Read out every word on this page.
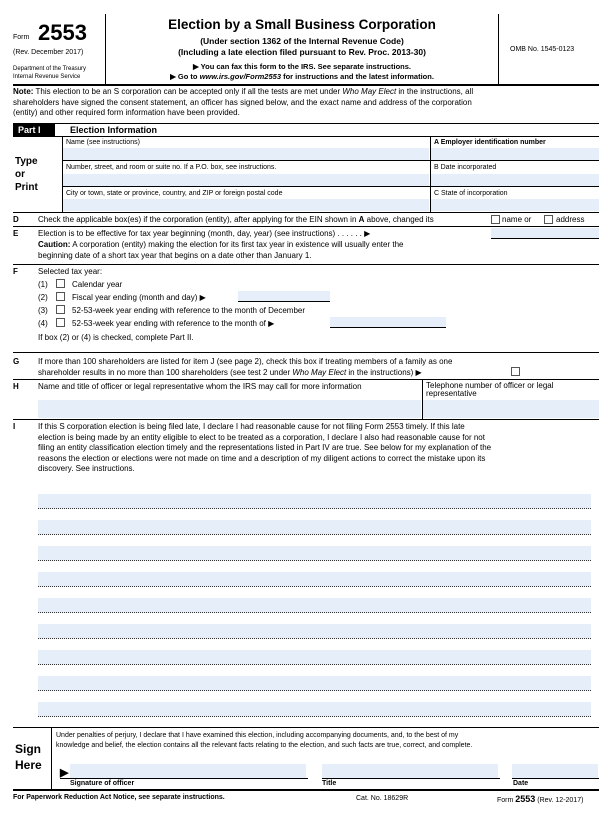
Form 2553
(Rev. December 2017)
Department of the Treasury
Internal Revenue Service
Election by a Small Business Corporation
(Under section 1362 of the Internal Revenue Code)
(Including a late election filed pursuant to Rev. Proc. 2013-30)
▶ You can fax this form to the IRS. See separate instructions.
▶ Go to www.irs.gov/Form2553 for instructions and the latest information.
OMB No. 1545-0123
Note: This election to be an S corporation can be accepted only if all the tests are met under Who May Elect in the instructions, all
shareholders have signed the consent statement, an officer has signed below, and the exact name and address of the corporation
(entity) and other required form information have been provided.
Part I	Election Information
Type
or
Print
Name (see instructions)	A Employer identification number
Number, street, and room or suite no. If a P.O. box, see instructions.	B Date incorporated
City or town, state or province, country, and ZIP or foreign postal code	C State of incorporation
D Check the applicable box(es) if the corporation (entity), after applying for the EIN shown in A above, changed its	name or	address
E Election is to be effective for tax year beginning (month, day, year) (see instructions) . . . . . . ▶
Caution: A corporation (entity) making the election for its first tax year in existence will usually enter the
beginning date of a short tax year that begins on a date other than January 1.
F	Selected tax year:
(1)	Calendar year
(2)	Fiscal year ending (month and day) ▶
(3)	52-53-week year ending with reference to the month of December
(4)	52-53-week year ending with reference to the month of ▶
If box (2) or (4) is checked, complete Part II.
G If more than 100 shareholders are listed for item J (see page 2), check this box if treating members of a family as one
shareholder results in no more than 100 shareholders (see test 2 under Who May Elect in the instructions) ▶
H Name and title of officer or legal representative whom the IRS may call for more information	Telephone number of officer or legal
representative
I	If this S corporation election is being filed late, I declare I had reasonable cause for not filing Form 2553 timely. If this late
election is being made by an entity eligible to elect to be treated as a corporation, I declare I also had reasonable cause for not
filing an entity classification election timely and the representations listed in Part IV are true. See below for my explanation of the
reasons the election or elections were not made on time and a description of my diligent actions to correct the mistake upon its
discovery. See instructions.
Sign
Here
Under penalties of perjury, I declare that I have examined this election, including accompanying documents, and, to the best of my
knowledge and belief, the election contains all the relevant facts relating to the election, and such facts are true, correct, and complete.
▶
Signature of officer	Title	Date
For Paperwork Reduction Act Notice, see separate instructions.	Cat. No. 18629R	Form 2553 (Rev. 12-2017)
